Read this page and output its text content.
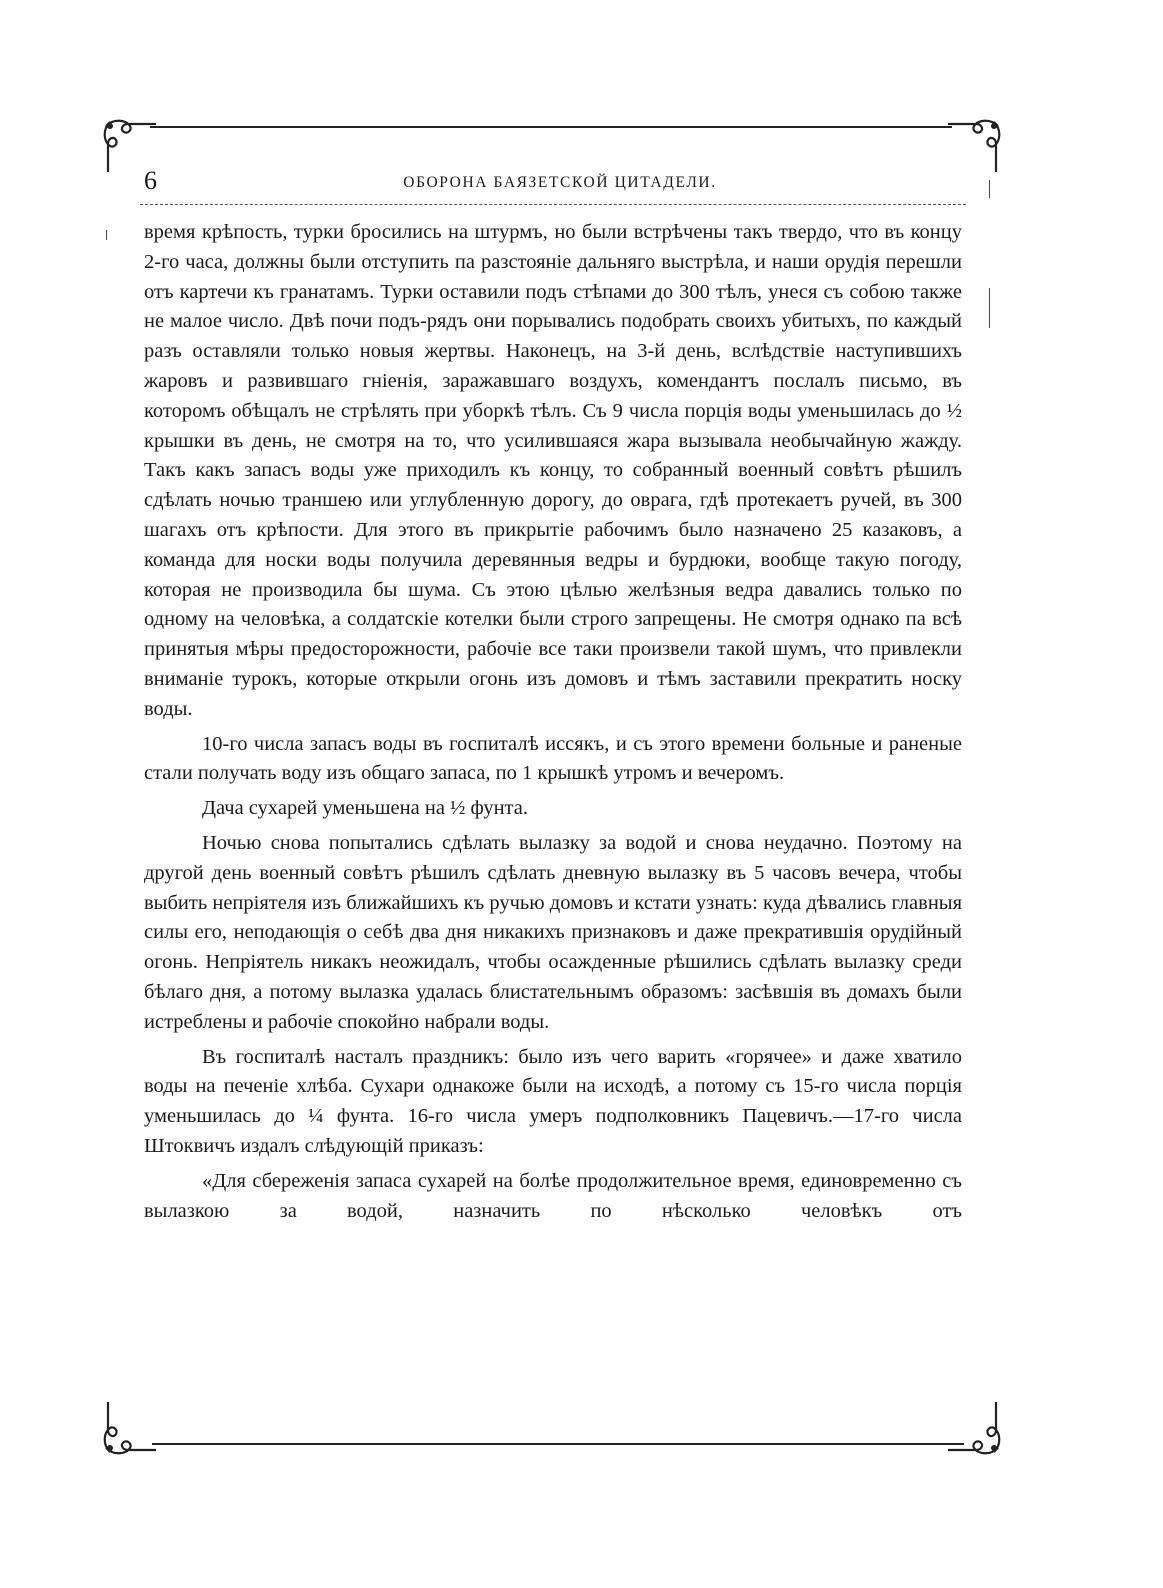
6	ОБОРОНА БАЯЗЕТСКОЙ ЦИТАДЕЛИ.

время крѣпость, турки бросились на штурмъ, но были встрѣчены такъ твердо, что въ концу 2-го часа, должны были отступить па разстояніе дальняго выстрѣла, и наши орудія перешли отъ картечи къ гранатамъ. Турки оставили подъ стѣпами до 300 тѣлъ, унеся съ собою также не малое число. Двѣ почи подъ-рядъ они порывались подобрать своихъ убитыхъ, по каждый разъ оставляли только новыя жертвы. Наконецъ, на 3-й день, вслѣдствіе наступившихъ жаровъ и развившаго гніенія, заражавшаго воздухъ, комендантъ послалъ письмо, въ которомъ обѣщалъ не стрѣлять при уборкѣ тѣлъ. Съ 9 числа порція воды уменьшилась до ½ крышки въ день, не смотря на то, что усилившаяся жара вызывала необычайную жажду. Такъ какъ запасъ воды уже приходилъ къ концу, то собранный военный совѣтъ рѣшилъ сдѣлать ночью траншею или углубленную дорогу, до оврага, гдѣ протекаетъ ручей, въ 300 шагахъ отъ крѣпости. Для этого въ прикрытіе рабочимъ было назначено 25 казаковъ, а команда для носки воды получила деревянныя ведры и бурдюки, вообще такую погоду, которая не производила бы шума. Съ этою цѣлью желѣзныя ведра давались только по одному на человѣка, а солдатскіе котелки были строго запрещены. Не смотря однако па всѣ принятыя мѣры предосторожности, рабочіе все таки произвели такой шумъ, что привлекли вниманіе турокъ, которые открыли огонь изъ домовъ и тѣмъ заставили прекратить носку воды.

10-го числа запасъ воды въ госпиталѣ иссякъ, и съ этого времени больные и раненые стали получать воду изъ общаго запаса, по 1 крышкѣ утромъ и вечеромъ.

Дача сухарей уменьшена на ½ фунта.

Ночью снова попытались сдѣлать вылазку за водой и снова неудачно. Поэтому на другой день военный совѣтъ рѣшилъ сдѣлать дневную вылазку въ 5 часовъ вечера, чтобы выбить непріятеля изъ ближайшихъ къ ручью домовъ и кстати узнать: куда дѣвались главныя силы его, неподающія о себѣ два дня никакихъ признаковъ и даже прекратившія орудійный огонь. Непріятель никакъ неожидалъ, чтобы осажденные рѣшились сдѣлать вылазку среди бѣлаго дня, а потому вылазка удалась блистательнымъ образомъ: засѣвшія въ домахъ были истреблены и рабочіе спокойно набрали воды.

Въ госпиталѣ насталъ праздникъ: было изъ чего варить «горячее» и даже хватило воды на печеніе хлѣба. Сухари однакоже были на исходѣ, а потому съ 15-го числа порція уменьшилась до ¼ фунта. 16-го числа умеръ подполковникъ Пацевичъ.—17-го числа Штоквичъ издалъ слѣдующій приказъ:

«Для сбереженія запаса сухарей на болѣе продолжительное время, единовременно съ вылазкою за водой, назначить по нѣсколько человѣкъ отъ
